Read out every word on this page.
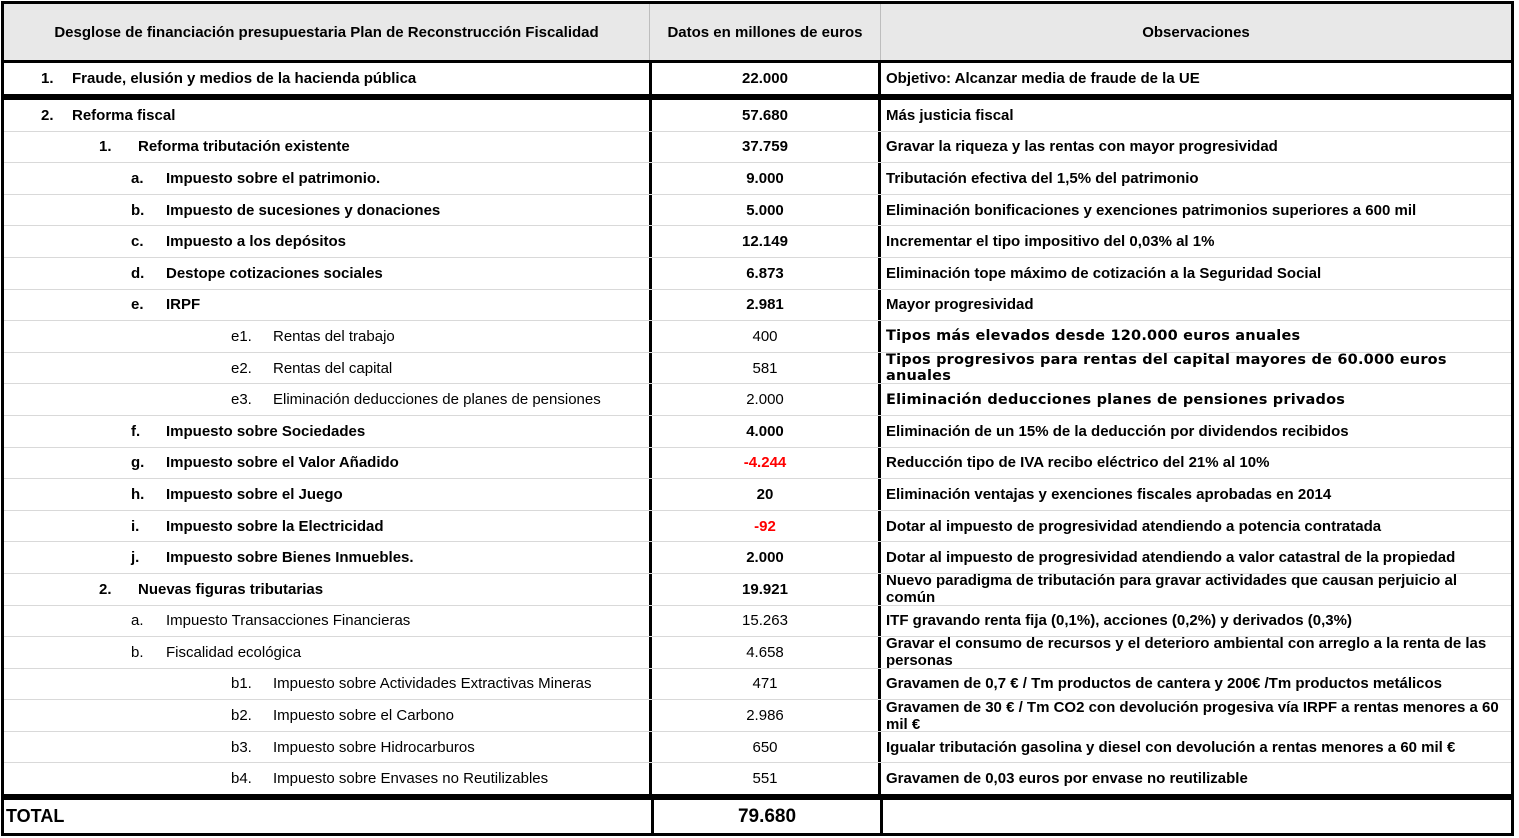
Desglose de financiación presupuestaria Plan de Reconstrucción Fiscalidad	Datos en millones de euros	Observaciones
1.	Fraude, elusión y medios de la hacienda pública	22.000	Objetivo: Alcanzar media de fraude de la UE
2.	Reforma fiscal	57.680	Más justicia fiscal
1.	Reforma tributación existente	37.759	Gravar la riqueza y las rentas con mayor progresividad
a.	Impuesto sobre el patrimonio.	9.000	Tributación efectiva del 1,5% del patrimonio
b.	Impuesto de sucesiones y donaciones	5.000	Eliminación bonificaciones y exenciones patrimonios superiores a 600 mil
c.	Impuesto a los depósitos	12.149	Incrementar el tipo impositivo del 0,03% al 1%
d.	Destope cotizaciones sociales	6.873	Eliminación tope máximo de cotización a la Seguridad Social
e.	IRPF	2.981	Mayor progresividad
e1.	Rentas del trabajo	400	Tipos más elevados desde 120.000 euros anuales
e2.	Rentas del capital	581	Tipos progresivos para rentas del capital mayores de 60.000 euros anuales
e3.	Eliminación deducciones de planes de pensiones	2.000	Eliminación deducciones planes de pensiones privados
f.	Impuesto sobre Sociedades	4.000	Eliminación de un 15% de la deducción por dividendos recibidos
g.	Impuesto sobre el Valor Añadido	-4.244	Reducción tipo de IVA recibo eléctrico del 21% al 10%
h.	Impuesto sobre el Juego	20	Eliminación ventajas y exenciones fiscales aprobadas en 2014
i.	Impuesto sobre la Electricidad	-92	Dotar al impuesto de progresividad atendiendo a potencia contratada
j.	Impuesto sobre Bienes Inmuebles.	2.000	Dotar al impuesto de progresividad atendiendo a valor catastral de la propiedad
2.	Nuevas figuras tributarias	19.921	Nuevo paradigma de tributación para gravar actividades que causan perjuicio al común
a.	Impuesto Transacciones Financieras	15.263	ITF gravando renta fija (0,1%), acciones (0,2%) y derivados (0,3%)
b.	Fiscalidad ecológica	4.658	Gravar el consumo de recursos y el deterioro ambiental con arreglo a la renta de las personas
b1.	Impuesto sobre Actividades Extractivas Mineras	471	Gravamen de 0,7 € / Tm productos de cantera y 200€ /Tm productos metálicos
b2.	Impuesto sobre el Carbono	2.986	Gravamen de 30 € / Tm CO2 con devolución progesiva vía IRPF a rentas menores a 60 mil €
b3.	Impuesto sobre Hidrocarburos	650	Igualar tributación gasolina y diesel con devolución a rentas menores a 60 mil €
b4.	Impuesto sobre Envases no Reutilizables	551	Gravamen de 0,03 euros por envase no reutilizable
TOTAL	79.680
